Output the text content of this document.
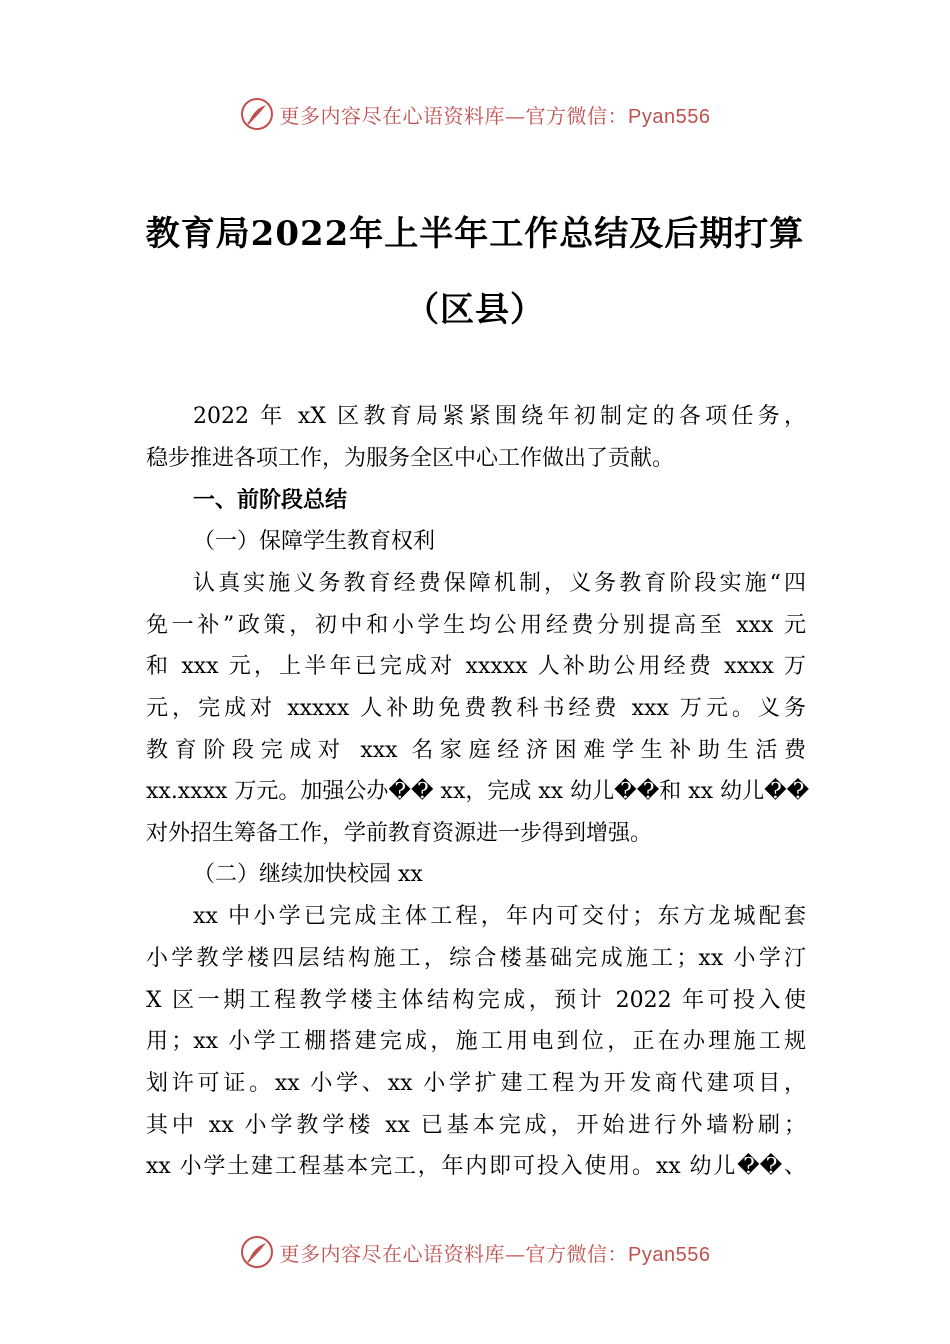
更多内容尽在心语资料库—官方微信：Pyan556
教育局2022年上半年工作总结及后期打算
（区县）
2022 年 xX 区教育局紧紧围绕年初制定的各项任务，
稳步推进各项工作，为服务全区中心工作做出了贡献。
一、前阶段总结
（一）保障学生教育权利
认真实施义务教育经费保障机制，义务教育阶段实施“四
免一补”政策，初中和小学生均公用经费分别提高至 xxx 元
和 xxx 元，上半年已完成对 xxxxx 人补助公用经费 xxxx 万
元，完成对 xxxxx 人补助免费教科书经费 xxx 万元。义务
教育阶段完成对 xxx 名家庭经济困难学生补助生活费
xx.xxxx 万元。加强公办�� xx，完成 xx 幼儿��和 xx 幼儿��
对外招生筹备工作，学前教育资源进一步得到增强。
（二）继续加快校园 xx
xx 中小学已完成主体工程，年内可交付；东方龙城配套
小学教学楼四层结构施工，综合楼基础完成施工；xx 小学汀
X 区一期工程教学楼主体结构完成，预计 2022 年可投入使
用；xx 小学工棚搭建完成，施工用电到位，正在办理施工规
划许可证。xx 小学、xx 小学扩建工程为开发商代建项目，
其中 xx 小学教学楼 xx 已基本完成，开始进行外墙粉刷；
xx 小学土建工程基本完工，年内即可投入使用。xx 幼儿��、
更多内容尽在心语资料库—官方微信：Pyan556
